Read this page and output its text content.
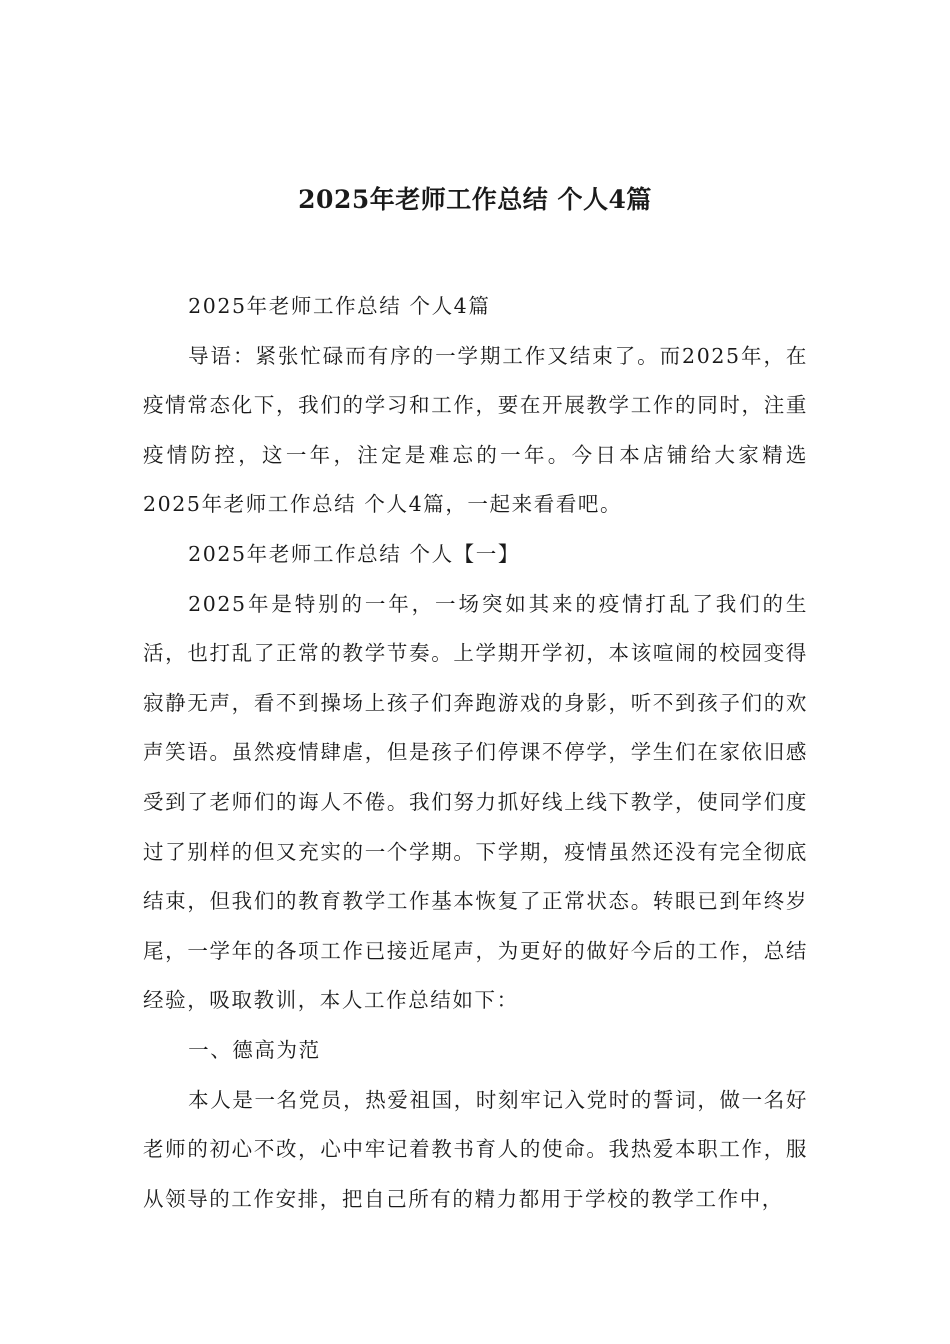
2025年老师工作总结 个人4篇

2025年老师工作总结 个人4篇

导语：紧张忙碌而有序的一学期工作又结束了。而2025年，在疫情常态化下，我们的学习和工作，要在开展教学工作的同时，注重疫情防控，这一年，注定是难忘的一年。今日本店铺给大家精选2025年老师工作总结 个人4篇，一起来看看吧。

2025年老师工作总结 个人【一】

2025年是特别的一年，一场突如其来的疫情打乱了我们的生活，也打乱了正常的教学节奏。上学期开学初，本该喧闹的校园变得寂静无声，看不到操场上孩子们奔跑游戏的身影，听不到孩子们的欢声笑语。虽然疫情肆虐，但是孩子们停课不停学，学生们在家依旧感受到了老师们的诲人不倦。我们努力抓好线上线下教学，使同学们度过了别样的但又充实的一个学期。下学期，疫情虽然还没有完全彻底结束，但我们的教育教学工作基本恢复了正常状态。转眼已到年终岁尾，一学年的各项工作已接近尾声，为更好的做好今后的工作，总结经验，吸取教训，本人工作总结如下：

一、德高为范

本人是一名党员，热爱祖国，时刻牢记入党时的誓词，做一名好老师的初心不改，心中牢记着教书育人的使命。我热爱本职工作，服从领导的工作安排，把自己所有的精力都用于学校的教学工作中，
